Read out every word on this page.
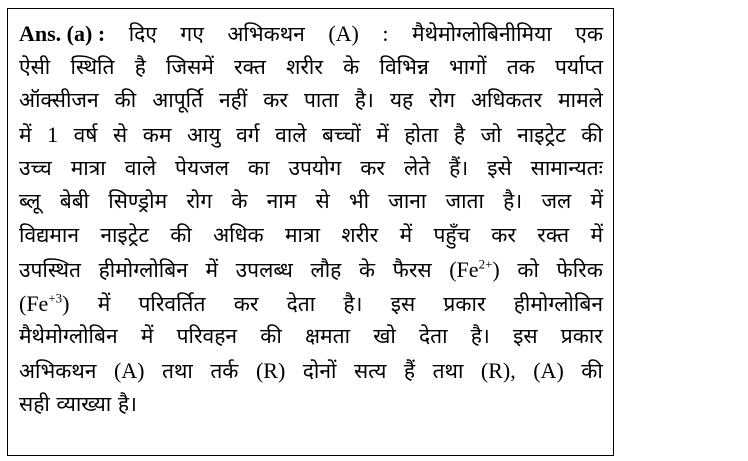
Ans. (a) : दिए गए अभिकथन (A) : मैथेमोग्लोबिनीमिया एक
ऐसी स्थिति है जिसमें रक्त शरीर के विभिन्न भागों तक पर्याप्त
ऑक्सीजन की आपूर्ति नहीं कर पाता है। यह रोग अधिकतर मामले
में 1 वर्ष से कम आयु वर्ग वाले बच्चों में होता है जो नाइट्रेट की
उच्च मात्रा वाले पेयजल का उपयोग कर लेते हैं। इसे सामान्यतः
ब्लू बेबी सिण्ड्रोम रोग के नाम से भी जाना जाता है। जल में
विद्यमान नाइट्रेट की अधिक मात्रा शरीर में पहुँच कर रक्त में
उपस्थित हीमोग्लोबिन में उपलब्ध लौह के फैरस $(Fe^{2+})$ को फेरिक
$(Fe^{+3})$ में परिवर्तित कर देता है। इस प्रकार हीमोग्लोबिन
मैथेमोग्लोबिन में परिवहन की क्षमता खो देता है। इस प्रकार
अभिकथन (A) तथा तर्क (R) दोनों सत्य हैं तथा (R), (A) की
सही
व्याख्या
है।
